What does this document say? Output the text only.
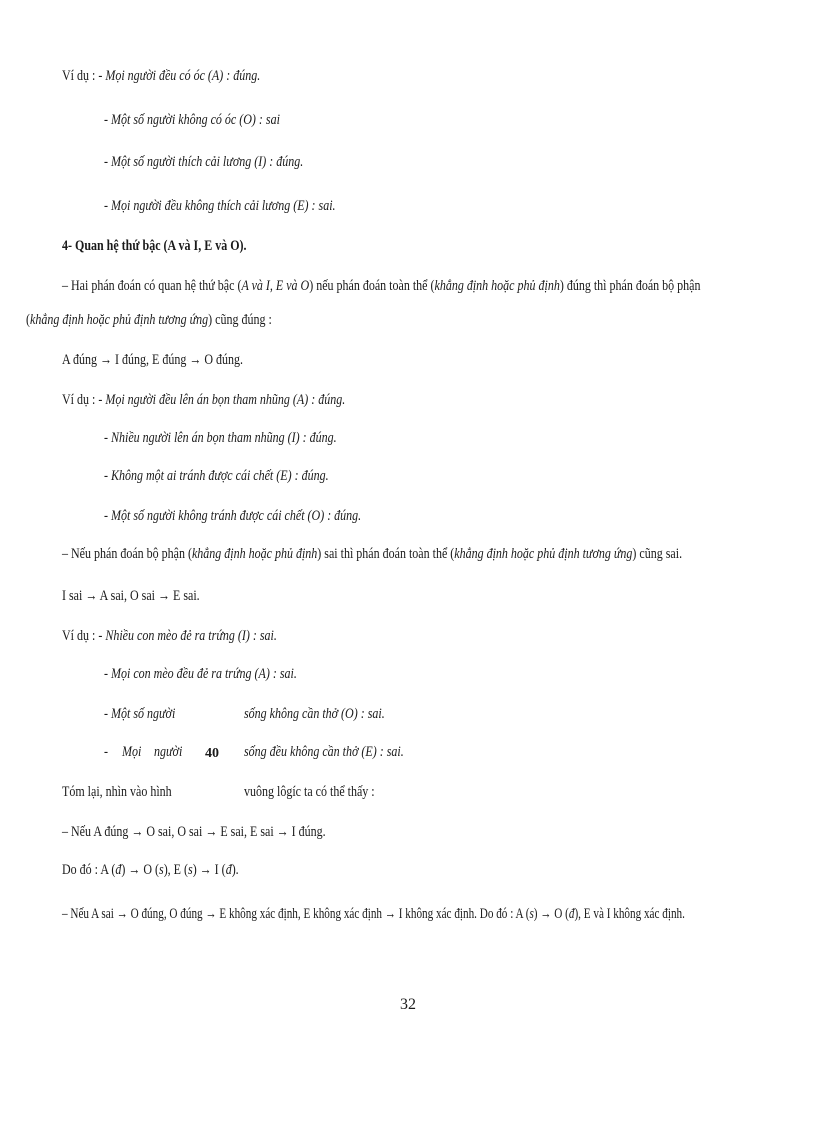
Ví dụ : - Mọi người đều có óc (A) : đúng.
- Một số người không có óc (O) : sai
- Một số người thích cải lương (I) : đúng.
- Mọi người đều không thích cải lương (E) : sai.
4- Quan hệ thứ bậc (A và I, E và O).
– Hai phán đoán có quan hệ thứ bậc (A và I, E và O) nếu phán đoán toàn thể (khẳng định hoặc phủ định) đúng thì phán đoán bộ phận
(khẳng định hoặc phủ định tương ứng) cũng đúng :
A đúng → I đúng, E đúng → O đúng.
Ví dụ : - Mọi người đều lên án bọn tham nhũng (A) : đúng.
- Nhiều người lên án bọn tham nhũng (I) : đúng.
- Không một ai tránh được cái chết (E) : đúng.
- Một số người không tránh được cái chết (O) : đúng.
– Nếu phán đoán bộ phận (khẳng định hoặc phủ định) sai thì phán đoán toàn thể (khẳng định hoặc phủ định tương ứng) cũng sai.
I sai → A sai, O sai → E sai.
Ví dụ : - Nhiều con mèo đẻ ra trứng (I) : sai.
- Mọi con mèo đều đẻ ra trứng (A) : sai.
- Một số người	sống không cần thở (O) : sai.
- Mọi người 40 sống đều không cần thở (E) : sai.
Tóm lại, nhìn vào hình	vuông lôgíc ta có thể thấy :
– Nếu A đúng → O sai, O sai → E sai, E sai → I đúng.
Do đó : A (đ) → O (s), E (s) → I (đ).
– Nếu A sai → O đúng, O đúng → E không xác định, E không xác định → I không xác định. Do đó : A (s) → O (đ), E và I không xác định.
32
